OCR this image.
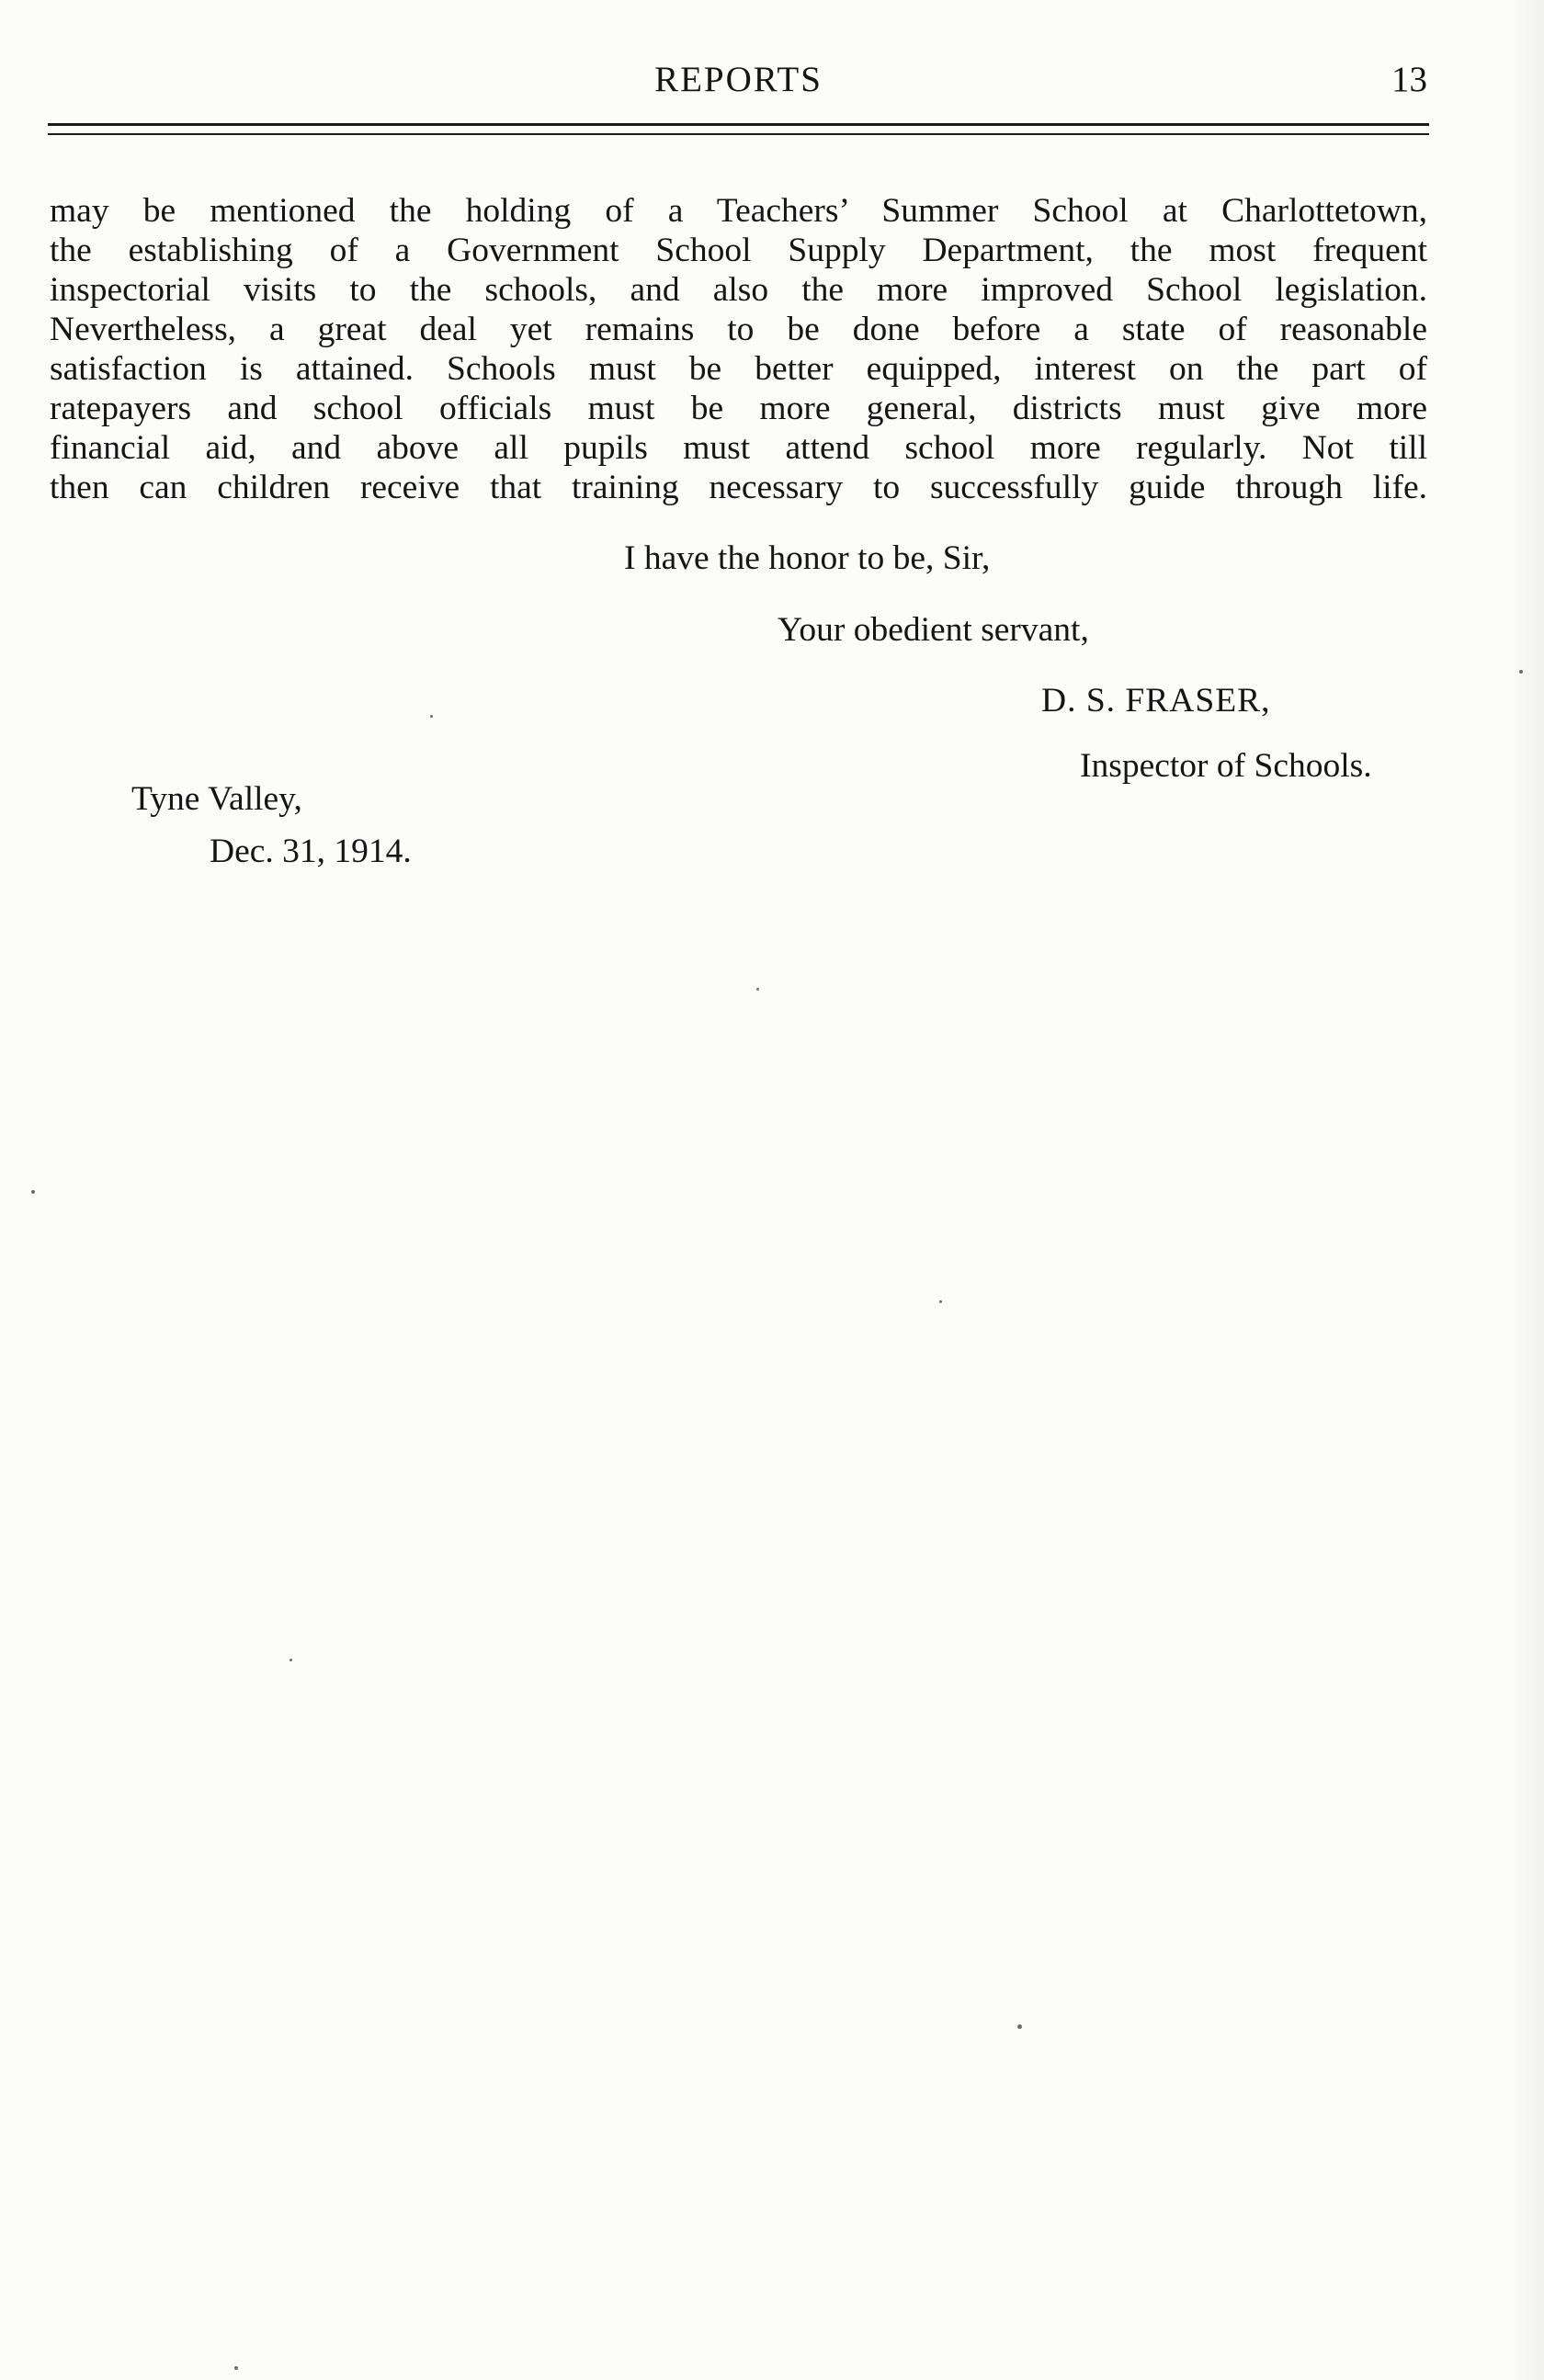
REPORTS	13

may be mentioned the holding of a Teachers’ Summer School at Charlottetown,
the establishing of a Government School Supply Department, the most frequent
inspectorial visits to the schools, and also the more improved School legislation.
Nevertheless, a great deal yet remains to be done before a state of reasonable
satisfaction is attained. Schools must be better equipped, interest on the part of
ratepayers and school officials must be more general, districts must give more
financial aid, and above all pupils must attend school more regularly. Not till
then can children receive that training necessary to successfully guide through life.

I have the honor to be, Sir,
Your obedient servant,
D. S. FRASER,
Inspector of Schools.
Tyne Valley,
Dec. 31, 1914.
